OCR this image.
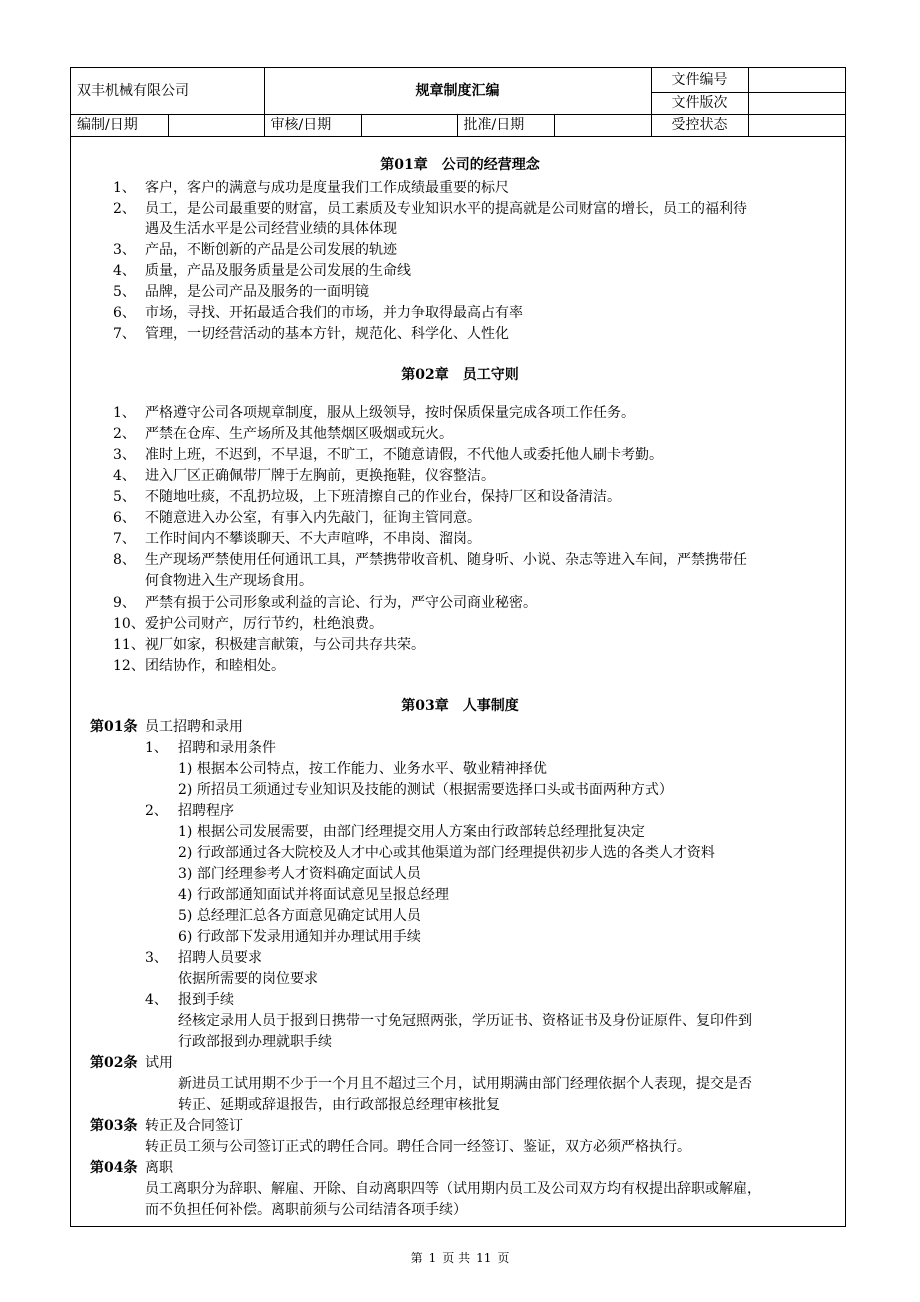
双丰机械有限公司		规章制度汇编				文件编号	
						文件版次	
编制/日期		审核/日期		批准/日期		受控状态	
第01章　公司的经营理念
1、 客户，客户的满意与成功是度量我们工作成绩最重要的标尺
2、 员工，是公司最重要的财富，员工素质及专业知识水平的提高就是公司财富的增长，员工的福利待
遇及生活水平是公司经营业绩的具体体现
3、 产品，不断创新的产品是公司发展的轨迹
4、 质量，产品及服务质量是公司发展的生命线
5、 品牌，是公司产品及服务的一面明镜
6、 市场，寻找、开拓最适合我们的市场，并力争取得最高占有率
7、 管理，一切经营活动的基本方针，规范化、科学化、人性化
第02章　员工守则
1、 严格遵守公司各项规章制度，服从上级领导，按时保质保量完成各项工作任务。
2、 严禁在仓库、生产场所及其他禁烟区吸烟或玩火。
3、 准时上班，不迟到，不早退，不旷工，不随意请假，不代他人或委托他人刷卡考勤。
4、 进入厂区正确佩带厂牌于左胸前，更换拖鞋，仪容整洁。
5、 不随地吐痰，不乱扔垃圾，上下班清擦自己的作业台，保持厂区和设备清洁。
6、 不随意进入办公室，有事入内先敲门，征询主管同意。
7、 工作时间内不攀谈聊天、不大声喧哗，不串岗、溜岗。
8、 生产现场严禁使用任何通讯工具，严禁携带收音机、随身听、小说、杂志等进入车间，严禁携带任
何食物进入生产现场食用。
9、 严禁有损于公司形象或利益的言论、行为，严守公司商业秘密。
10、 爱护公司财产，厉行节约，杜绝浪费。
11、 视厂如家，积极建言献策，与公司共存共荣。
12、 团结协作，和睦相处。
第03章　人事制度
第01条 员工招聘和录用
1、 招聘和录用条件
1) 根据本公司特点，按工作能力、业务水平、敬业精神择优
2) 所招员工须通过专业知识及技能的测试（根据需要选择口头或书面两种方式）
2、 招聘程序
1) 根据公司发展需要，由部门经理提交用人方案由行政部转总经理批复决定
2) 行政部通过各大院校及人才中心或其他渠道为部门经理提供初步人选的各类人才资料
3) 部门经理参考人才资料确定面试人员
4) 行政部通知面试并将面试意见呈报总经理
5) 总经理汇总各方面意见确定试用人员
6) 行政部下发录用通知并办理试用手续
3、 招聘人员要求
依据所需要的岗位要求
4、 报到手续
经核定录用人员于报到日携带一寸免冠照两张，学历证书、资格证书及身份证原件、复印件到
行政部报到办理就职手续
第02条 试用
新进员工试用期不少于一个月且不超过三个月，试用期满由部门经理依据个人表现，提交是否
转正、延期或辞退报告，由行政部报总经理审核批复
第03条 转正及合同签订
转正员工须与公司签订正式的聘任合同。聘任合同一经签订、鉴证，双方必须严格执行。
第04条 离职
员工离职分为辞职、解雇、开除、自动离职四等（试用期内员工及公司双方均有权提出辞职或解雇，
而不负担任何补偿。离职前须与公司结清各项手续）
第 1 页 共 11 页
